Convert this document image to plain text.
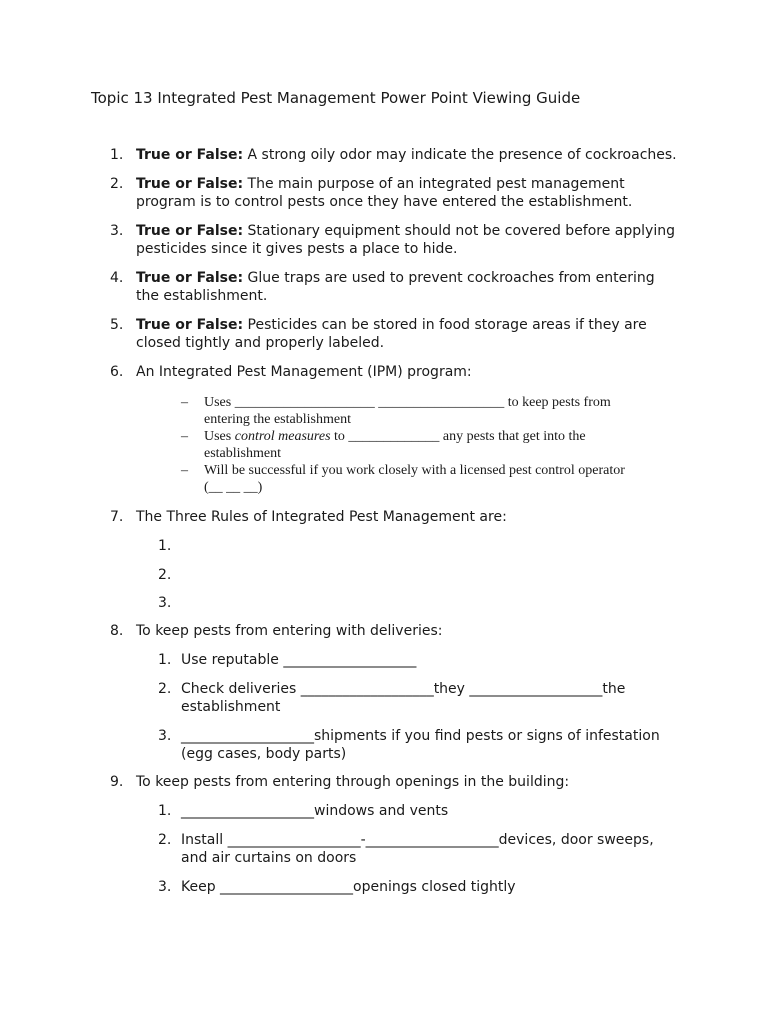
Topic 13 Integrated Pest Management Power Point Viewing Guide
1. True or False: A strong oily odor may indicate the presence of cockroaches.
2. True or False: The main purpose of an integrated pest management program is to control pests once they have entered the establishment.
3. True or False: Stationary equipment should not be covered before applying pesticides since it gives pests a place to hide.
4. True or False: Glue traps are used to prevent cockroaches from entering the establishment.
5. True or False: Pesticides can be stored in food storage areas if they are closed tightly and properly labeled.
6. An Integrated Pest Management (IPM) program:
– Uses ____________________ __________________ to keep pests from entering the establishment
– Uses control measures to _____________ any pests that get into the establishment
– Will be successful if you work closely with a licensed pest control operator (__ __ __)
7. The Three Rules of Integrated Pest Management are:
1.
2.
3.
8. To keep pests from entering with deliveries:
1. Use reputable ___________________
2. Check deliveries ___________________they ___________________the establishment
3. ___________________shipments if you find pests or signs of infestation (egg cases, body parts)
9. To keep pests from entering through openings in the building:
1. ___________________windows and vents
2. Install ___________________-___________________devices, door sweeps, and air curtains on doors
3. Keep ___________________openings closed tightly
